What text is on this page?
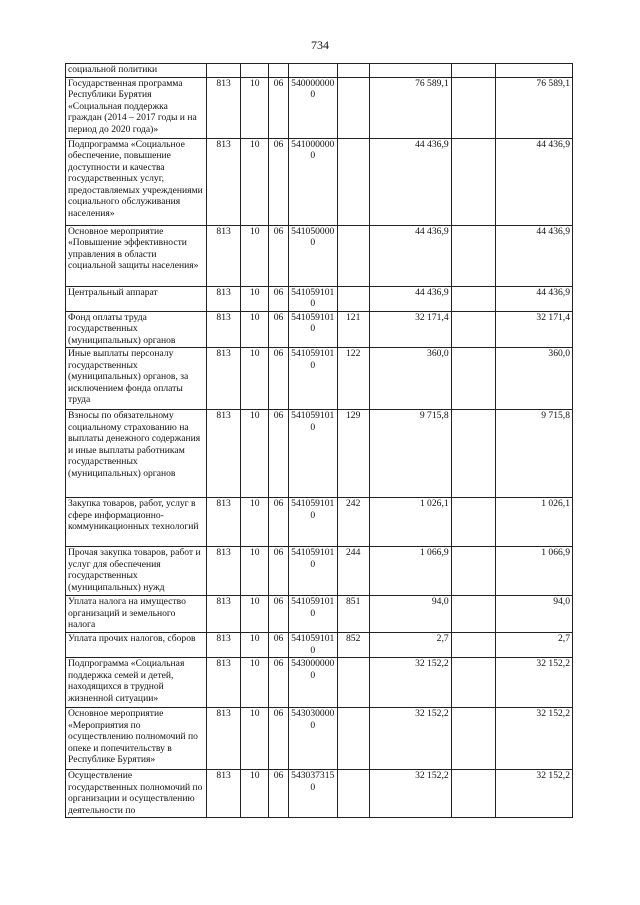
734
социальной политики								
Государственная программа Республики Бурятия «Социальная поддержка граждан (2014 – 2017 годы и на период до 2020 года)»	813	10	06	5400000000		76 589,1		76 589,1
Подпрограмма «Социальное обеспечение, повышение доступности и качества государственных услуг, предоставляемых учреждениями социального обслуживания населения»	813	10	06	5410000000		44 436,9		44 436,9
Основное мероприятие «Повышение эффективности управления в области социальной защиты населения»	813	10	06	5410500000		44 436,9		44 436,9
Центральный аппарат	813	10	06	5410591010		44 436,9		44 436,9
Фонд оплаты труда государственных (муниципальных) органов	813	10	06	5410591010	121	32 171,4		32 171,4
Иные выплаты персоналу государственных (муниципальных) органов, за исключением фонда оплаты труда	813	10	06	5410591010	122	360,0		360,0
Взносы по обязательному социальному страхованию на выплаты денежного содержания и иные выплаты работникам государственных (муниципальных) органов	813	10	06	5410591010	129	9 715,8		9 715,8
Закупка товаров, работ, услуг в сфере информационно-коммуникационных технологий	813	10	06	5410591010	242	1 026,1		1 026,1
Прочая закупка товаров, работ и услуг для обеспечения государственных (муниципальных) нужд	813	10	06	5410591010	244	1 066,9		1 066,9
Уплата налога на имущество организаций и земельного налога	813	10	06	5410591010	851	94,0		94,0
Уплата прочих налогов, сборов	813	10	06	5410591010	852	2,7		2,7
Подпрограмма «Социальная поддержка семей и детей, находящихся в трудной жизненной ситуации»	813	10	06	5430000000		32 152,2		32 152,2
Основное мероприятие «Мероприятия по осуществлению полномочий по опеке и попечительству в Республике Бурятия»	813	10	06	5430300000		32 152,2		32 152,2
Осуществление государственных полномочий по организации и осуществлению деятельности по	813	10	06	5430373150		32 152,2		32 152,2
